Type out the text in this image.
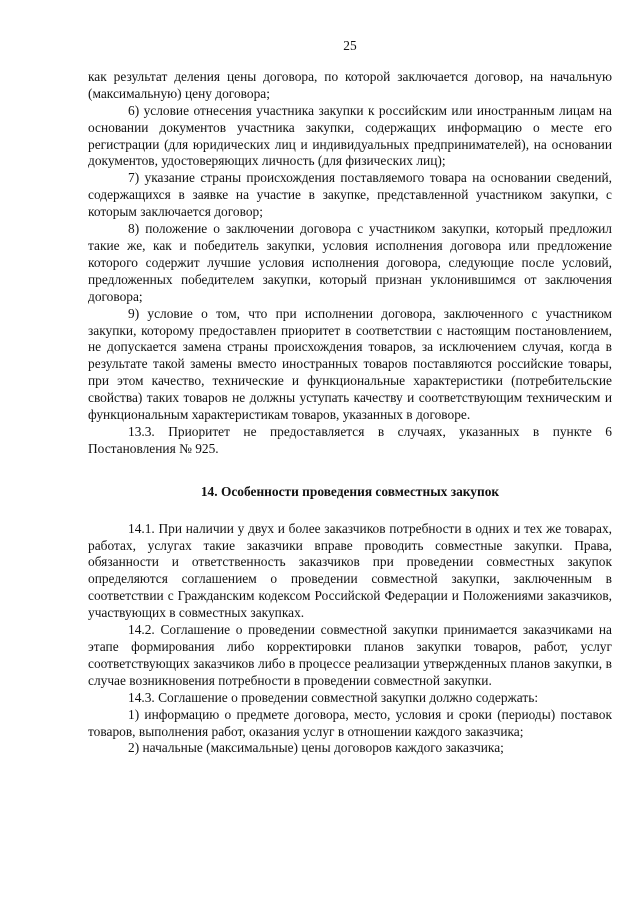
25

как результат деления цены договора, по которой заключается договор, на начальную (максимальную) цену договора;

6) условие отнесения участника закупки к российским или иностранным лицам на основании документов участника закупки, содержащих информацию о месте его регистрации (для юридических лиц и индивидуальных предпринимателей), на основании документов, удостоверяющих личность (для физических лиц);

7) указание страны происхождения поставляемого товара на основании сведений, содержащихся в заявке на участие в закупке, представленной участником закупки, с которым заключается договор;

8) положение о заключении договора с участником закупки, который предложил такие же, как и победитель закупки, условия исполнения договора или предложение которого содержит лучшие условия исполнения договора, следующие после условий, предложенных победителем закупки, который признан уклонившимся от заключения договора;

9) условие о том, что при исполнении договора, заключенного с участником закупки, которому предоставлен приоритет в соответствии с настоящим постановлением, не допускается замена страны происхождения товаров, за исключением случая, когда в результате такой замены вместо иностранных товаров поставляются российские товары, при этом качество, технические и функциональные характеристики (потребительские свойства) таких товаров не должны уступать качеству и соответствующим техническим и функциональным характеристикам товаров, указанных в договоре.

13.3. Приоритет не предоставляется в случаях, указанных в пункте 6 Постановления № 925.

14. Особенности проведения совместных закупок

14.1. При наличии у двух и более заказчиков потребности в одних и тех же товарах, работах, услугах такие заказчики вправе проводить совместные закупки. Права, обязанности и ответственность заказчиков при проведении совместных закупок определяются соглашением о проведении совместной закупки, заключенным в соответствии с Гражданским кодексом Российской Федерации и Положениями заказчиков, участвующих в совместных закупках.

14.2. Соглашение о проведении совместной закупки принимается заказчиками на этапе формирования либо корректировки планов закупки товаров, работ, услуг соответствующих заказчиков либо в процессе реализации утвержденных планов закупки, в случае возникновения потребности в проведении совместной закупки.

14.3. Соглашение о проведении совместной закупки должно содержать:

1) информацию о предмете договора, место, условия и сроки (периоды) поставок товаров, выполнения работ, оказания услуг в отношении каждого заказчика;

2) начальные (максимальные) цены договоров каждого заказчика;
